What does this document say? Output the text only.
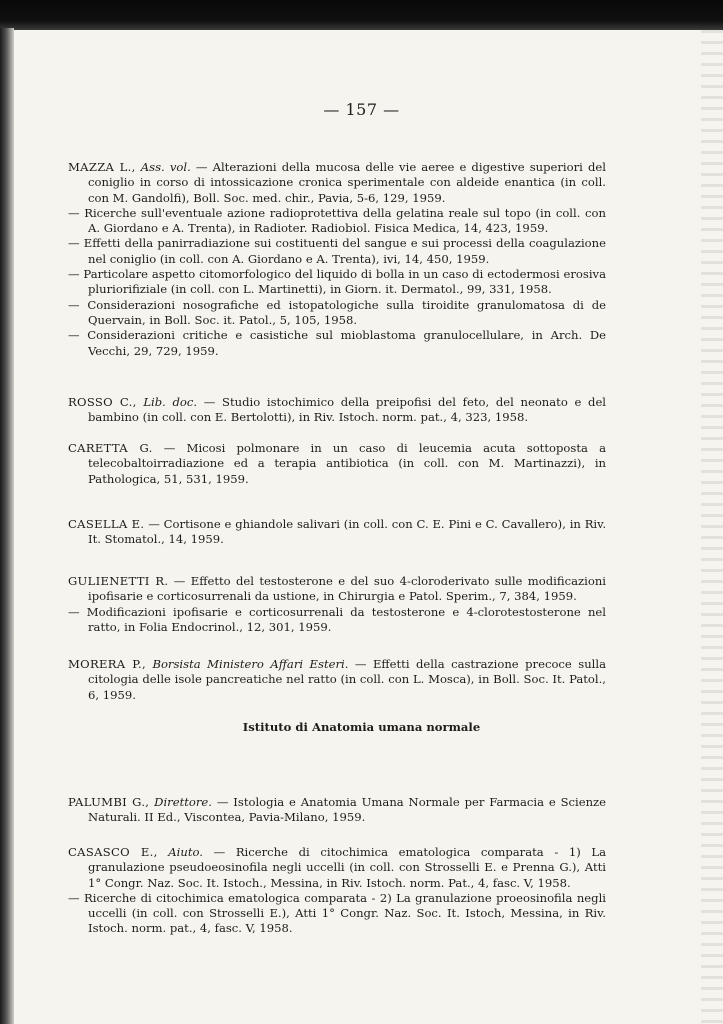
— 157 —

MAZZA L., Ass. vol. — Alterazioni della mucosa delle vie aeree e digestive superiori del coniglio in corso di intossicazione cronica sperimentale con aldeide enantica (in coll. con M. Gandolfi), Boll. Soc. med. chir., Pavia, 5-6, 129, 1959.

— Ricerche sull'eventuale azione radioprotettiva della gelatina reale sul topo (in coll. con A. Giordano e A. Trenta), in Radioter. Radiobiol. Fisica Medica, 14, 423, 1959.

— Effetti della panirradiazione sui costituenti del sangue e sui processi della coagulazione nel coniglio (in coll. con A. Giordano e A. Trenta), ivi, 14, 450, 1959.

— Particolare aspetto citomorfologico del liquido di bolla in un caso di ectodermosi erosiva pluriorifiziale (in coll. con L. Martinetti), in Giorn. it. Dermatol., 99, 331, 1958.

— Considerazioni nosografiche ed istopatologiche sulla tiroidite granulomatosa di de Quervain, in Boll. Soc. it. Patol., 5, 105, 1958.

— Considerazioni critiche e casistiche sul mioblastoma granulocellulare, in Arch. De Vecchi, 29, 729, 1959.

ROSSO C., Lib. doc. — Studio istochimico della preipofisi del feto, del neonato e del bambino (in coll. con E. Bertolotti), in Riv. Istoch. norm. pat., 4, 323, 1958.

CARETTA G. — Micosi polmonare in un caso di leucemia acuta sottoposta a telecobaltoirradiazione ed a terapia antibiotica (in coll. con M. Martinazzi), in Pathologica, 51, 531, 1959.

CASELLA E. — Cortisone e ghiandole salivari (in coll. con C. E. Pini e C. Cavallero), in Riv. It. Stomatol., 14, 1959.

GULIENETTI R. — Effetto del testosterone e del suo 4-cloroderivato sulle modificazioni ipofisarie e corticosurrenali da ustione, in Chirurgia e Patol. Sperim., 7, 384, 1959.

— Modificazioni ipofisarie e corticosurrenali da testosterone e 4-clorotestosterone nel ratto, in Folia Endocrinol., 12, 301, 1959.

MORERA P., Borsista Ministero Affari Esteri. — Effetti della castrazione precoce sulla citologia delle isole pancreatiche nel ratto (in coll. con L. Mosca), in Boll. Soc. It. Patol., 6, 1959.

Istituto di Anatomia umana normale

PALUMBI G., Direttore. — Istologia e Anatomia Umana Normale per Farmacia e Scienze Naturali. II Ed., Viscontea, Pavia-Milano, 1959.

CASASCO E., Aiuto. — Ricerche di citochimica ematologica comparata - 1) La granulazione pseudoeosinofila negli uccelli (in coll. con Strosselli E. e Prenna G.), Atti 1° Congr. Naz. Soc. It. Istoch., Messina, in Riv. Istoch. norm. Pat., 4, fasc. V, 1958.

— Ricerche di citochimica ematologica comparata - 2) La granulazione proeosinofila negli uccelli (in coll. con Strosselli E.), Atti 1° Congr. Naz. Soc. It. Istoch, Messina, in Riv. Istoch. norm. pat., 4, fasc. V, 1958.
